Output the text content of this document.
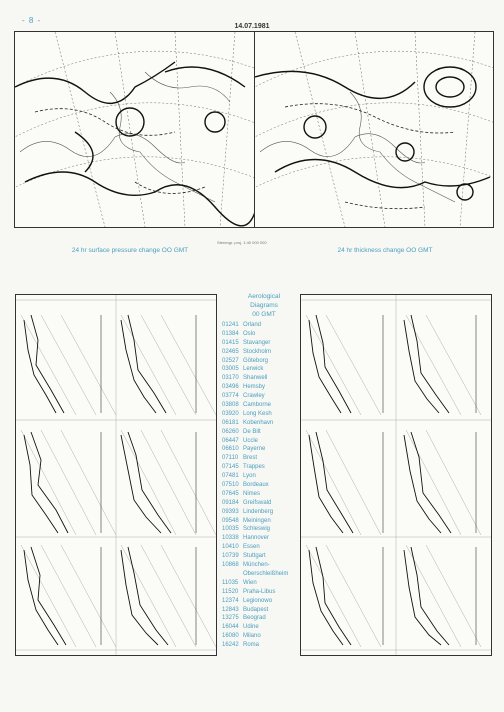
- 8 -
14.07.1981
24 hr surface pressure change OO GMT
Stereogr. proj. 1:40 000 000
24 hr thickness change OO GMT
Aerological
Diagrams
00 GMT
01241 Orland
01384 Oslo
01415 Stavanger
02465 Stockholm
02527 Göteborg
03005 Lerwick
03170 Shanwell
03496 Hemsby
03774 Crawley
03808 Camborne
03920 Long Kesh
06181 Kobenhavn
06260 De Bilt
06447 Uccle
06610 Payerne
07110 Brest
07145 Trappes
07481 Lyon
07510 Bordeaux
07645 Nimes
09184 Greifswald
09393 Lindenberg
09548 Meiningen
10035 Schleswig
10338 Hannover
10410 Essen
10739 Stuttgart
10868 München-
Oberschleißheim
11035 Wien
11520 Praha-Libus
12374 Legionowo
12843 Budapest
13275 Beograd
16044 Udine
16080 Milano
16242 Roma
